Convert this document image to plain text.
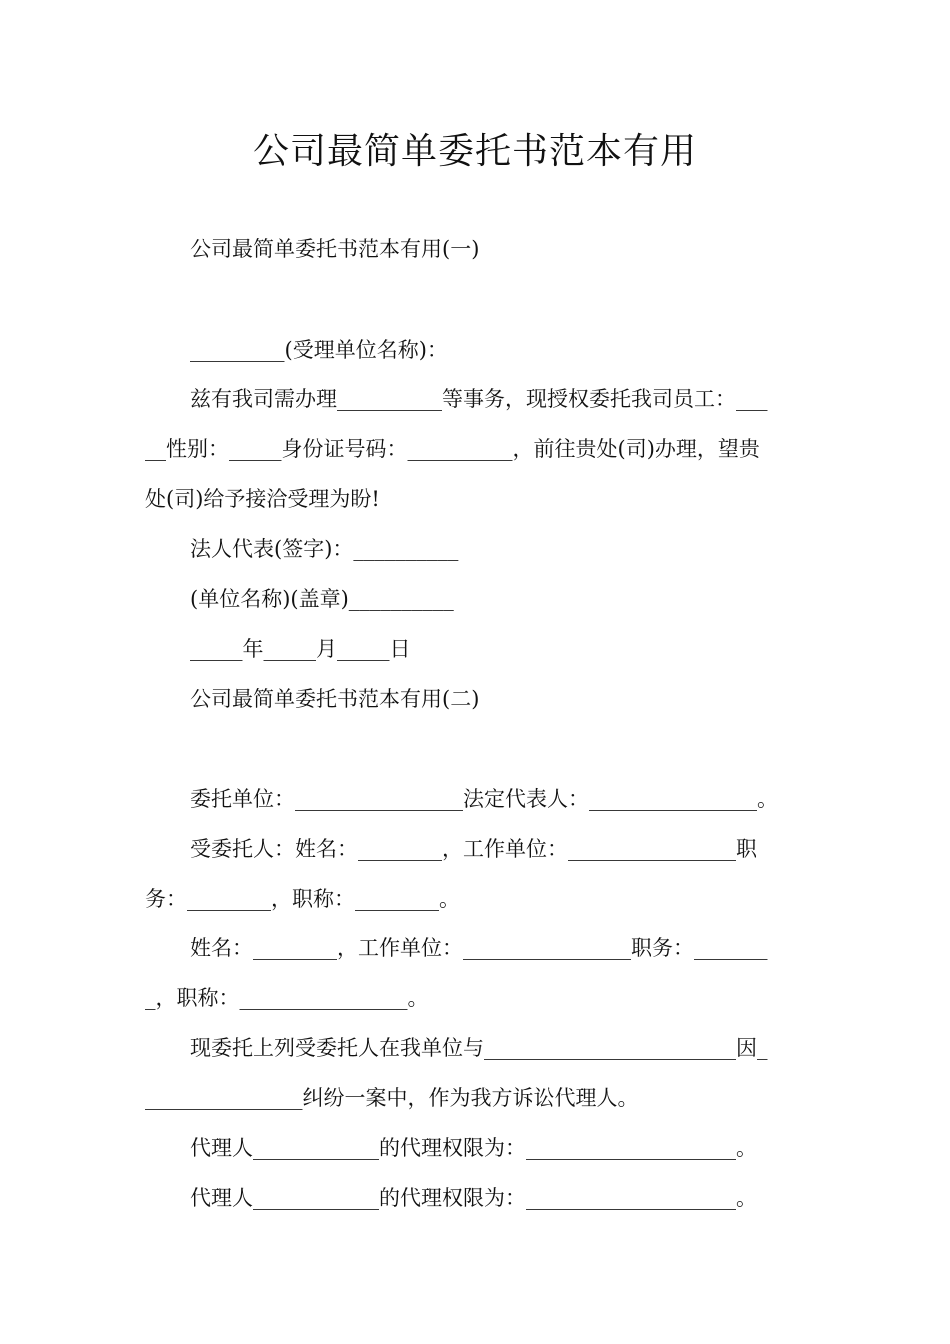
公司最简单委托书范本有用
公司最简单委托书范本有用(一)
_________(受理单位名称)：
兹有我司需办理__________等事务，现授权委托我司员工：___
__性别：_____身份证号码：__________，前往贵处(司)办理，望贵
处(司)给予接洽受理为盼!
法人代表(签字)：__________
(单位名称)(盖章)__________
_____年_____月_____日
公司最简单委托书范本有用(二)
委托单位：________________法定代表人：________________。
受委托人：姓名：________，工作单位：________________职
务：________，职称：________。
姓名：________，工作单位：________________职务：_______
_，职称：________________。
现委托上列受委托人在我单位与________________________因_
_______________纠纷一案中，作为我方诉讼代理人。
代理人____________的代理权限为：____________________。
代理人____________的代理权限为：____________________。
